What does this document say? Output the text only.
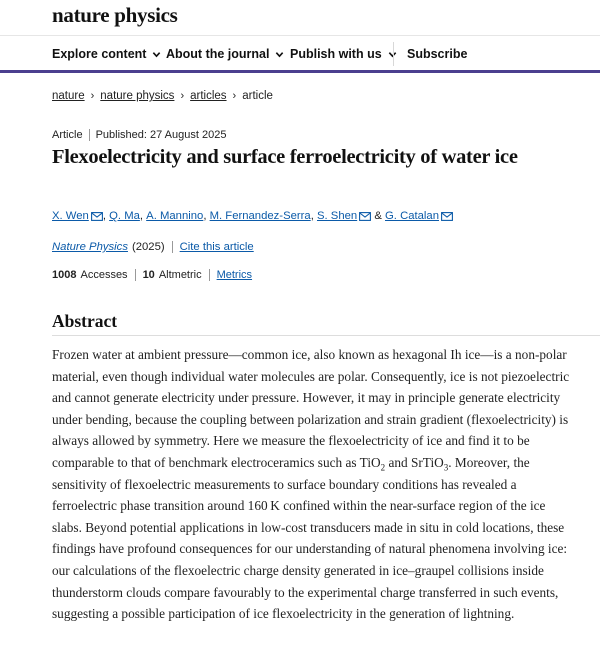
nature physics
Explore content About the journal Publish with us Subscribe
nature › nature physics › articles › article
Article Published: 27 August 2025
Flexoelectricity and surface ferroelectricity of water ice
X. Wen , Q. Ma , A. Mannino , M. Fernandez-Serra , S. Shen & G. Catalan
Nature Physics (2025) Cite this article
1008 Accesses 10 Altmetric Metrics
Abstract

Frozen water at ambient pressure—common ice, also known as hexagonal Ih ice—is a non-polar material, even though individual water molecules are polar. Consequently, ice is not piezoelectric and cannot generate electricity under pressure. However, it may in principle generate electricity under bending, because the coupling between polarization and strain gradient (flexoelectricity) is always allowed by symmetry. Here we measure the flexoelectricity of ice and find it to be comparable to that of benchmark electroceramics such as TiO$_2$ and SrTiO$_3$. Moreover, the sensitivity of flexoelectric measurements to surface boundary conditions has revealed a ferroelectric phase transition around 160 K confined within the near-surface region of the ice slabs. Beyond potential applications in low-cost transducers made in situ in cold locations, these findings have profound consequences for our understanding of natural phenomena involving ice: our calculations of the flexoelectric charge density generated in ice–graupel collisions inside thunderstorm clouds compare favourably to the experimental charge transferred in such events, suggesting a possible participation of ice flexoelectricity in the generation of lightning.
